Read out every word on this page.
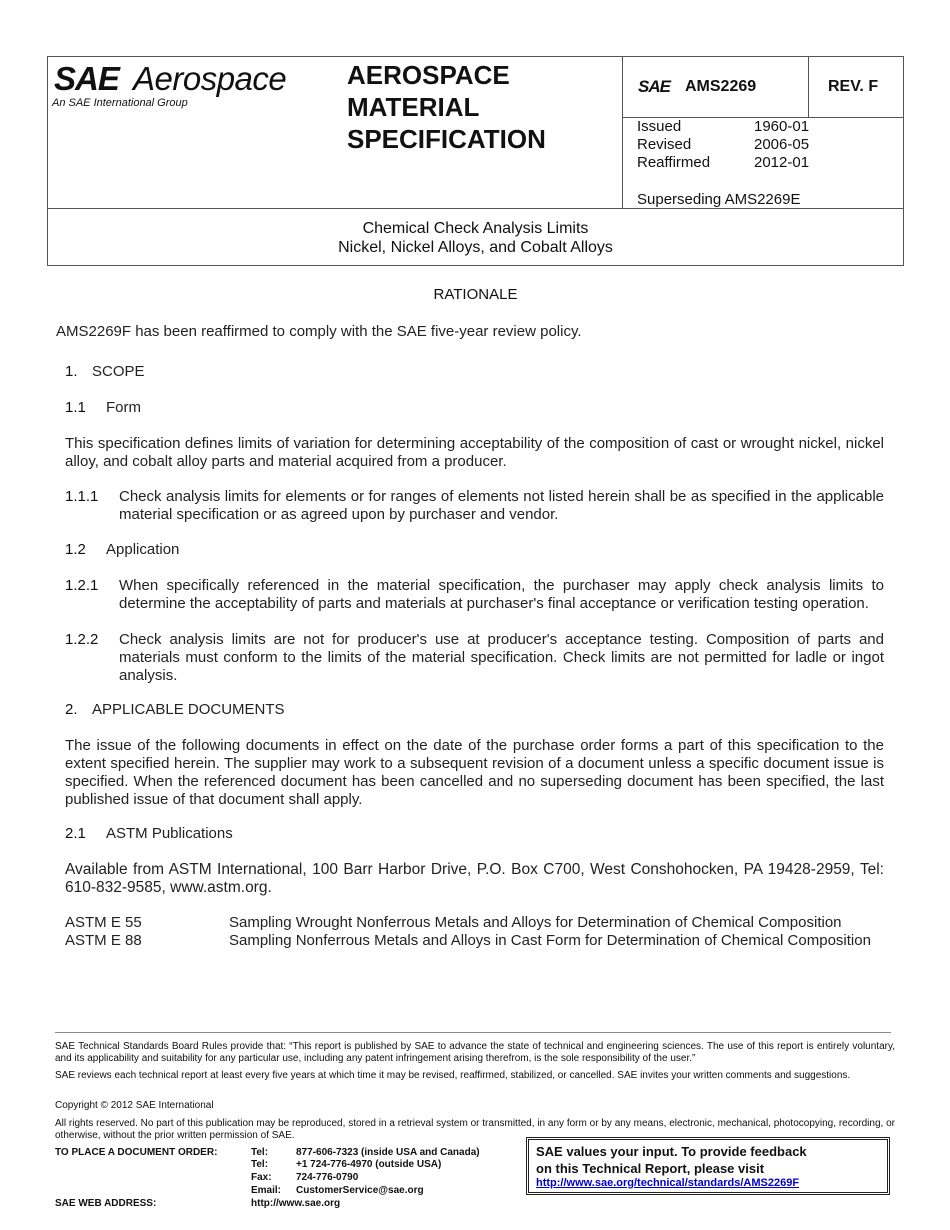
SAE Aerospace
An SAE International Group
AEROSPACE
MATERIAL
SPECIFICATION
SAE AMS2269	REV. F
Issued	1960-01
Revised	2006-05
Reaffirmed	2012-01
Superseding AMS2269E
Chemical Check Analysis Limits
Nickel, Nickel Alloys, and Cobalt Alloys
RATIONALE
AMS2269F has been reaffirmed to comply with the SAE five-year review policy.
1. SCOPE
1.1 Form
This specification defines limits of variation for determining acceptability of the composition of cast or wrought nickel, nickel alloy, and cobalt alloy parts and material acquired from a producer.
1.1.1 Check analysis limits for elements or for ranges of elements not listed herein shall be as specified in the applicable material specification or as agreed upon by purchaser and vendor.
1.2 Application
1.2.1 When specifically referenced in the material specification, the purchaser may apply check analysis limits to determine the acceptability of parts and materials at purchaser's final acceptance or verification testing operation.
1.2.2 Check analysis limits are not for producer's use at producer's acceptance testing. Composition of parts and materials must conform to the limits of the material specification. Check limits are not permitted for ladle or ingot analysis.
2. APPLICABLE DOCUMENTS
The issue of the following documents in effect on the date of the purchase order forms a part of this specification to the extent specified herein. The supplier may work to a subsequent revision of a document unless a specific document issue is specified. When the referenced document has been cancelled and no superseding document has been specified, the last published issue of that document shall apply.
2.1 ASTM Publications
Available from ASTM International, 100 Barr Harbor Drive, P.O. Box C700, West Conshohocken, PA 19428-2959, Tel: 610-832-9585, www.astm.org.
ASTM E 55	Sampling Wrought Nonferrous Metals and Alloys for Determination of Chemical Composition
ASTM E 88	Sampling Nonferrous Metals and Alloys in Cast Form for Determination of Chemical Composition
SAE Technical Standards Board Rules provide that: “This report is published by SAE to advance the state of technical and engineering sciences. The use of this report is entirely voluntary, and its applicability and suitability for any particular use, including any patent infringement arising therefrom, is the sole responsibility of the user.”
SAE reviews each technical report at least every five years at which time it may be revised, reaffirmed, stabilized, or cancelled. SAE invites your written comments and suggestions.
Copyright © 2012 SAE International
All rights reserved. No part of this publication may be reproduced, stored in a retrieval system or transmitted, in any form or by any means, electronic, mechanical, photocopying, recording, or otherwise, without the prior written permission of SAE.
TO PLACE A DOCUMENT ORDER:	Tel:	877-606-7323 (inside USA and Canada)
Tel:	+1 724-776-4970 (outside USA)
Fax: 724-776-0790
Email: CustomerService@sae.org
SAE WEB ADDRESS:	http://www.sae.org
SAE values your input. To provide feedback
on this Technical Report, please visit
http://www.sae.org/technical/standards/AMS2269F
